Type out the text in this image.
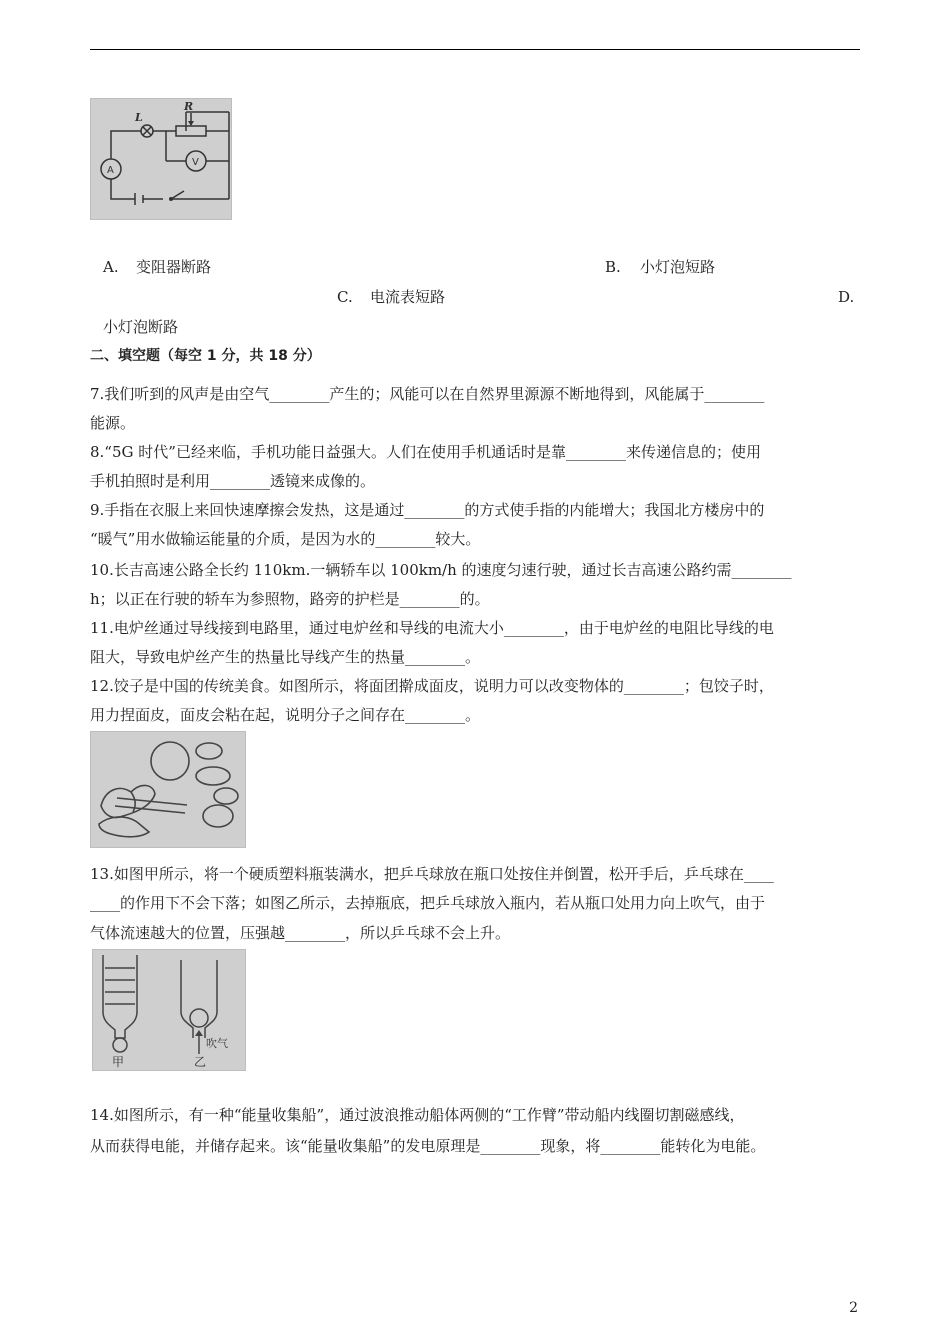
L
R
A
V
A. 变阻器断路	B. 小灯泡短路
C. 电流表短路	D.
小灯泡断路
二、填空题（每空 1 分，共 18 分）
7.我们听到的风声是由空气________产生的；风能可以在自然界里源源不断地得到，风能属于________
能源。
8.“5G 时代”已经来临，手机功能日益强大。人们在使用手机通话时是靠________来传递信息的；使用
手机拍照时是利用________透镜来成像的。
9.手指在衣服上来回快速摩擦会发热，这是通过________的方式使手指的内能增大；我国北方楼房中的
“暖气”用水做输运能量的介质，是因为水的________较大。
10.长吉高速公路全长约 110km.一辆轿车以 100km/h 的速度匀速行驶，通过长吉高速公路约需________
h；以正在行驶的轿车为参照物，路旁的护栏是________的。
11.电炉丝通过导线接到电路里，通过电炉丝和导线的电流大小________，由于电炉丝的电阻比导线的电
阻大，导致电炉丝产生的热量比导线产生的热量________。
12.饺子是中国的传统美食。如图所示，将面团擀成面皮，说明力可以改变物体的________；包饺子时，
用力捏面皮，面皮会粘在起，说明分子之间存在________。
13.如图甲所示，将一个硬质塑料瓶装满水，把乒乓球放在瓶口处按住并倒置，松开手后，乒乓球在____
____的作用下不会下落；如图乙所示，去掉瓶底，把乒乓球放入瓶内，若从瓶口处用力向上吹气，由于
气体流速越大的位置，压强越________，所以乒乓球不会上升。
甲	乙
吹气
14.如图所示，有一种“能量收集船”，通过波浪推动船体两侧的“工作臂”带动船内线圈切割磁感线，
从而获得电能，并储存起来。该“能量收集船”的发电原理是________现象，将________能转化为电能。
2
